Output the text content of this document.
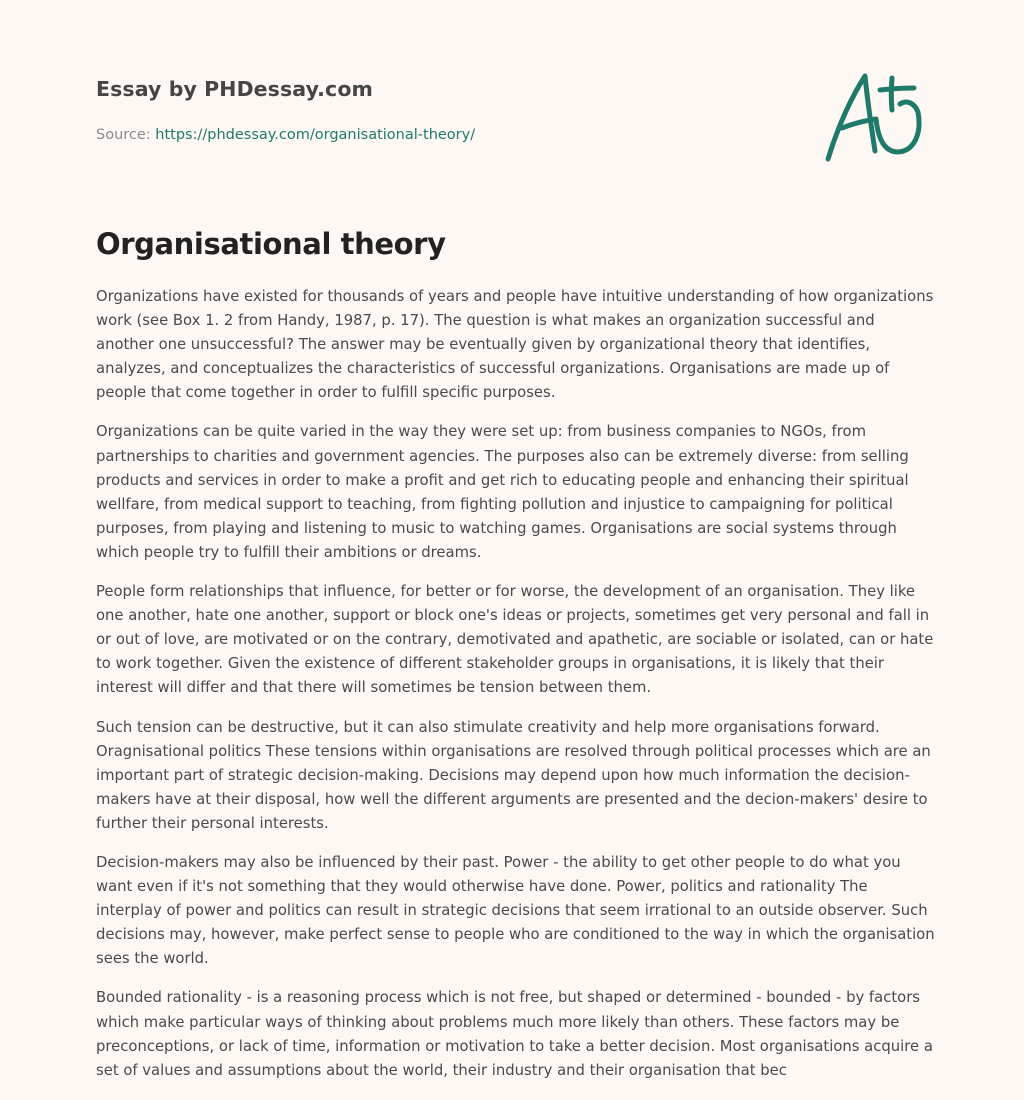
Essay by PHDessay.com
Source: https://phdessay.com/organisational-theory/
Organisational theory

Organizations have existed for thousands of years and people have intuitive understanding of how organizations work (see Box 1. 2 from Handy, 1987, p. 17). The question is what makes an organization successful and another one unsuccessful? The answer may be eventually given by organizational theory that identifies, analyzes, and conceptualizes the characteristics of successful organizations. Organisations are made up of people that come together in order to fulfill specific purposes.

Organizations can be quite varied in the way they were set up: from business companies to NGOs, from partnerships to charities and government agencies. The purposes also can be extremely diverse: from selling products and services in order to make a profit and get rich to educating people and enhancing their spiritual wellfare, from medical support to teaching, from fighting pollution and injustice to campaigning for political purposes, from playing and listening to music to watching games. Organisations are social systems through which people try to fulfill their ambitions or dreams.

People form relationships that influence, for better or for worse, the development of an organisation. They like one another, hate one another, support or block one's ideas or projects, sometimes get very personal and fall in or out of love, are motivated or on the contrary, demotivated and apathetic, are sociable or isolated, can or hate to work together. Given the existence of different stakeholder groups in organisations, it is likely that their interest will differ and that there will sometimes be tension between them.

Such tension can be destructive, but it can also stimulate creativity and help more organisations forward. Oragnisational politics These tensions within organisations are resolved through political processes which are an important part of strategic decision-making. Decisions may depend upon how much information the decision-makers have at their disposal, how well the different arguments are presented and the decion-makers' desire to further their personal interests.

Decision-makers may also be influenced by their past. Power - the ability to get other people to do what you want even if it's not something that they would otherwise have done. Power, politics and rationality The interplay of power and politics can result in strategic decisions that seem irrational to an outside observer. Such decisions may, however, make perfect sense to people who are conditioned to the way in which the organisation sees the world.

Bounded rationality - is a reasoning process which is not free, but shaped or determined - bounded - by factors which make particular ways of thinking about problems much more likely than others. These factors may be preconceptions, or lack of time, information or motivation to take a better decision. Most organisations acquire a set of values and assumptions about the world, their industry and their organisation that bec
